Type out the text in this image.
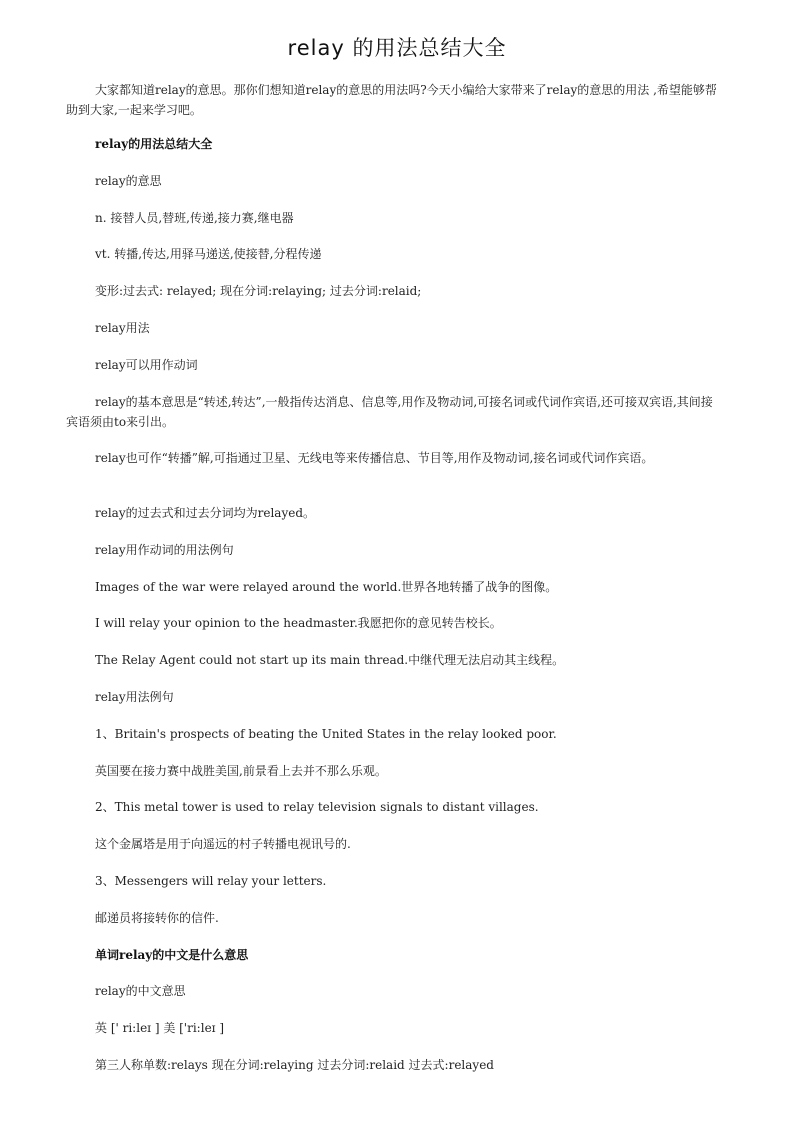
relay 的用法总结大全

大家都知道relay的意思。那你们想知道relay的意思的用法吗?今天小编给大家带来了relay的意思的用法 ,希望能够帮助到大家,一起来学习吧。

relay的用法总结大全

relay的意思

n. 接替人员,替班,传递,接力赛,继电器

vt. 转播,传达,用驿马递送,使接替,分程传递

变形:过去式: relayed; 现在分词:relaying; 过去分词:relaid;

relay用法

relay可以用作动词

relay的基本意思是“转述,转达”,一般指传达消息、信息等,用作及物动词,可接名词或代词作宾语,还可接双宾语,其间接宾语须由to来引出。

relay也可作“转播”解,可指通过卫星、无线电等来传播信息、节目等,用作及物动词,接名词或代词作宾语。

relay的过去式和过去分词均为relayed。

relay用作动词的用法例句

Images of the war were relayed around the world.世界各地转播了战争的图像。

I will relay your opinion to the headmaster.我愿把你的意见转告校长。

The Relay Agent could not start up its main thread.中继代理无法启动其主线程。

relay用法例句

1、Britain's prospects of beating the United States in the relay looked poor.

英国要在接力赛中战胜美国,前景看上去并不那么乐观。

2、This metal tower is used to relay television signals to distant villages.

这个金属塔是用于向遥远的村子转播电视讯号的.

3、Messengers will relay your letters.

邮递员将接转你的信件.

单词relay的中文是什么意思

relay的中文意思

英 [' ri:leɪ ] 美 ['ri:leɪ ]

第三人称单数:relays 现在分词:relaying 过去分词:relaid 过去式:relayed
